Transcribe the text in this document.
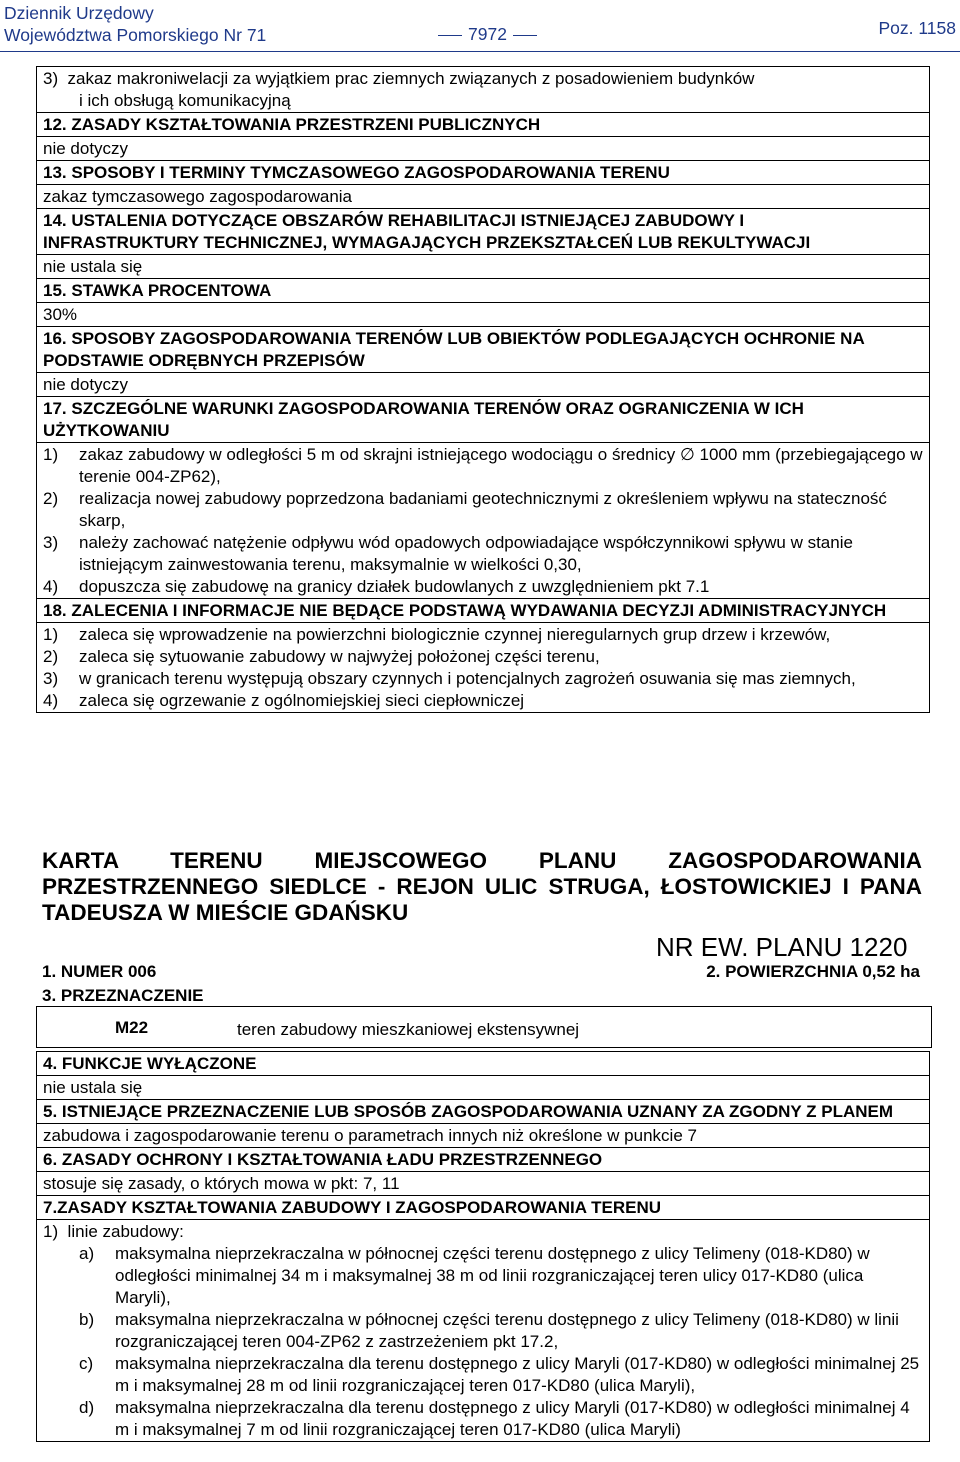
Dziennik Urzędowy
Województwa Pomorskiego Nr 71	7972	Poz. 1158
3)  zakaz makroniwelacji za wyjątkiem prac ziemnych związanych z posadowieniem budynków
i ich obsługą komunikacyjną

12. ZASADY KSZTAŁTOWANIA PRZESTRZENI PUBLICZNYCH
nie dotyczy
13. SPOSOBY I TERMINY TYMCZASOWEGO ZAGOSPODAROWANIA TERENU
zakaz tymczasowego zagospodarowania
14. USTALENIA DOTYCZĄCE OBSZARÓW REHABILITACJI ISTNIEJĄCEJ ZABUDOWY I INFRASTRUKTURY TECHNICZNEJ, WYMAGAJĄCYCH PRZEKSZTAŁCEŃ LUB REKULTYWACJI
nie ustala się
15. STAWKA PROCENTOWA
30%
16. SPOSOBY ZAGOSPODAROWANIA TERENÓW LUB OBIEKTÓW PODLEGAJĄCYCH OCHRONIE NA PODSTAWIE ODRĘBNYCH PRZEPISÓW
nie dotyczy
17. SZCZEGÓLNE WARUNKI ZAGOSPODAROWANIA TERENÓW ORAZ OGRANICZENIA W ICH UŻYTKOWANIU

1) zakaz zabudowy w odległości 5 m od skrajni istniejącego wodociągu o średnicy ∅ 1000 mm (przebiegającego w terenie 004-ZP62),
2) realizacja nowej zabudowy poprzedzona badaniami geotechnicznymi z określeniem wpływu na stateczność skarp,
3) należy zachować natężenie odpływu wód opadowych odpowiadające współczynnikowi spływu w stanie istniejącym zainwestowania terenu, maksymalnie w wielkości 0,30,
4) dopuszcza się zabudowę na granicy działek budowlanych z uwzględnieniem pkt 7.1

18. ZALECENIA I INFORMACJE NIE BĘDĄCE PODSTAWĄ WYDAWANIA DECYZJI ADMINISTRACYJNYCH

1) zaleca się wprowadzenie na powierzchni biologicznie czynnej nieregularnych grup drzew i krzewów,
2) zaleca się sytuowanie zabudowy w najwyżej położonej części terenu,
3) w granicach terenu występują obszary czynnych i potencjalnych zagrożeń osuwania się mas ziemnych,
4) zaleca się ogrzewanie z ogólnomiejskiej sieci ciepłowniczej
KARTA TERENU MIEJSCOWEGO PLANU ZAGOSPODAROWANIA
PRZESTRZENNEGO SIEDLCE - REJON ULIC STRUGA, ŁOSTOWICKIEJ I PANA
TADEUSZA W MIEŚCIE GDAŃSKU
NR EW. PLANU 1220
1. NUMER 006	2. POWIERZCHNIA 0,52 ha
3. PRZEZNACZENIE
M22	teren zabudowy mieszkaniowej ekstensywnej
4. FUNKCJE WYŁĄCZONE
nie ustala się
5. ISTNIEJĄCE PRZEZNACZENIE LUB SPOSÓB ZAGOSPODAROWANIA UZNANY ZA ZGODNY Z PLANEM
zabudowa i zagospodarowanie terenu o parametrach innych niż określone w punkcie 7
6. ZASADY OCHRONY I KSZTAŁTOWANIA ŁADU PRZESTRZENNEGO
stosuje się zasady, o których mowa w pkt: 7, 11
7.ZASADY KSZTAŁTOWANIA ZABUDOWY I ZAGOSPODAROWANIA TERENU

1)  linie zabudowy:
a) maksymalna nieprzekraczalna w północnej części terenu dostępnego z ulicy Telimeny (018-KD80) w odległości minimalnej 34 m i maksymalnej 38 m od linii rozgraniczającej teren ulicy 017-KD80 (ulica Maryli),
b) maksymalna nieprzekraczalna w północnej części terenu dostępnego z ulicy Telimeny (018-KD80) w linii rozgraniczającej teren 004-ZP62 z zastrzeżeniem pkt 17.2,
c) maksymalna nieprzekraczalna dla terenu dostępnego z ulicy Maryli (017-KD80) w odległości minimalnej 25 m i maksymalnej 28 m od linii rozgraniczającej teren 017-KD80 (ulica Maryli),
d) maksymalna nieprzekraczalna dla terenu dostępnego z ulicy Maryli (017-KD80) w odległości minimalnej 4 m i maksymalnej 7 m od linii rozgraniczającej teren 017-KD80 (ulica Maryli)
